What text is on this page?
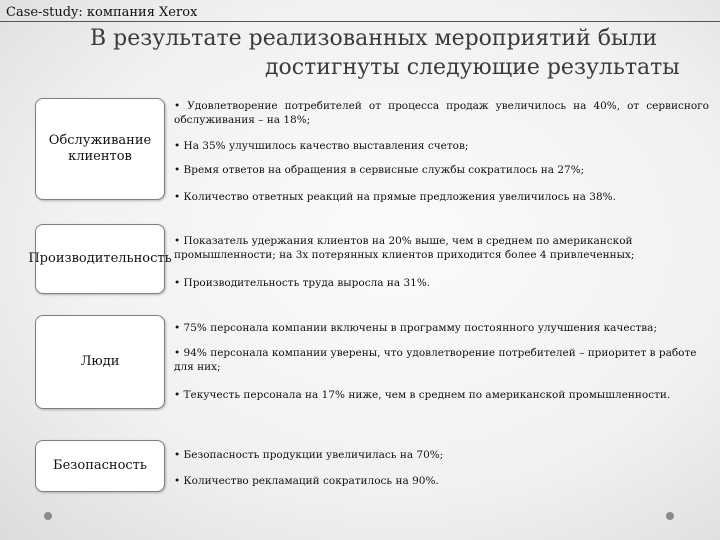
Case-study: компания Xerox
В результате реализованных мероприятий были
достигнуты следующие результаты
Обслуживание
клиентов
• Удовлетворение потребителей от процесса продаж увеличилось на 40%, от сервисного обслуживания – на 18%;
• На 35% улучшилось качество выставления счетов;
• Время ответов на обращения в сервисные службы сократилось на 27%;
• Количество ответных реакций на прямые предложения увеличилось на 38%.
Производительность
• Показатель удержания клиентов на 20% выше, чем в среднем по американской промышленности; на 3х потерянных клиентов приходится более 4 привлеченных;
• Производительность труда выросла на 31%.
Люди
• 75% персонала компании включены в программу постоянного улучшения качества;
• 94% персонала компании уверены, что удовлетворение потребителей – приоритет в работе для них;
• Текучесть персонала на 17% ниже, чем в среднем по американской промышленности.
Безопасность
• Безопасность продукции увеличилась на 70%;
• Количество рекламаций сократилось на 90%.
